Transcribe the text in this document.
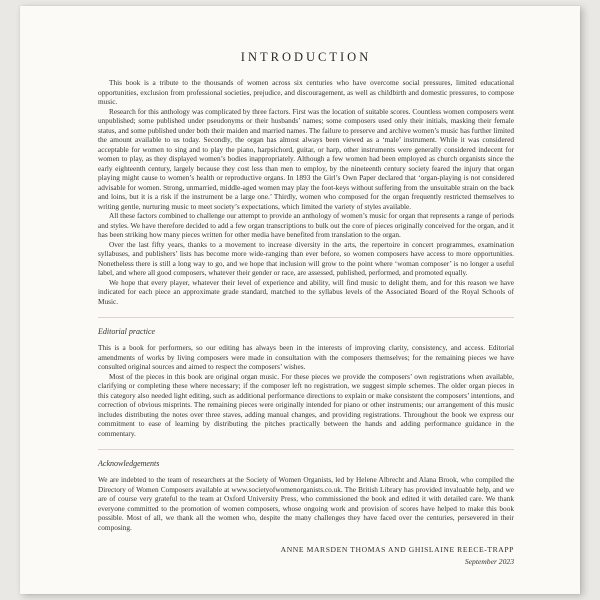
INTRODUCTION

This book is a tribute to the thousands of women across six centuries who have overcome social pressures, limited educational opportunities, exclusion from professional societies, prejudice, and discouragement, as well as childbirth and domestic pressures, to compose music.

Research for this anthology was complicated by three factors. First was the location of suitable scores. Countless women composers went unpublished; some published under pseudonyms or their husbands’ names; some composers used only their initials, masking their female status, and some published under both their maiden and married names. The failure to preserve and archive women’s music has further limited the amount available to us today. Secondly, the organ has almost always been viewed as a ‘male’ instrument. While it was considered acceptable for women to sing and to play the piano, harpsichord, guitar, or harp, other instruments were generally considered indecent for women to play, as they displayed women’s bodies inappropriately. Although a few women had been employed as church organists since the early eighteenth century, largely because they cost less than men to employ, by the nineteenth century society feared the injury that organ playing might cause to women’s health or reproductive organs. In 1893 the Girl’s Own Paper declared that ‘organ-playing is not considered advisable for women. Strong, unmarried, middle-aged women may play the foot-keys without suffering from the unsuitable strain on the back and loins, but it is a risk if the instrument be a large one.’ Thirdly, women who composed for the organ frequently restricted themselves to writing gentle, nurturing music to meet society’s expectations, which limited the variety of styles available.

All these factors combined to challenge our attempt to provide an anthology of women’s music for organ that represents a range of periods and styles. We have therefore decided to add a few organ transcriptions to bulk out the core of pieces originally conceived for the organ, and it has been striking how many pieces written for other media have benefited from translation to the organ.

Over the last fifty years, thanks to a movement to increase diversity in the arts, the repertoire in concert programmes, examination syllabuses, and publishers’ lists has become more wide-ranging than ever before, so women composers have access to more opportunities. Nonetheless there is still a long way to go, and we hope that inclusion will grow to the point where ‘woman composer’ is no longer a useful label, and where all good composers, whatever their gender or race, are assessed, published, performed, and promoted equally.

We hope that every player, whatever their level of experience and ability, will find music to delight them, and for this reason we have indicated for each piece an approximate grade standard, matched to the syllabus levels of the Associated Board of the Royal Schools of Music.

Editorial practice

This is a book for performers, so our editing has always been in the interests of improving clarity, consistency, and access. Editorial amendments of works by living composers were made in consultation with the composers themselves; for the remaining pieces we have consulted original sources and aimed to respect the composers’ wishes.

Most of the pieces in this book are original organ music. For these pieces we provide the composers’ own registrations when available, clarifying or completing these where necessary; if the composer left no registration, we suggest simple schemes. The older organ pieces in this category also needed light editing, such as additional performance directions to explain or make consistent the composers’ intentions, and correction of obvious misprints. The remaining pieces were originally intended for piano or other instruments; our arrangement of this music includes distributing the notes over three staves, adding manual changes, and providing registrations. Throughout the book we express our commitment to ease of learning by distributing the pitches practically between the hands and adding performance guidance in the commentary.

Acknowledgements

We are indebted to the team of researchers at the Society of Women Organists, led by Helene Albrecht and Alana Brook, who compiled the Directory of Women Composers available at www.societyofwomenorganists.co.uk. The British Library has provided invaluable help, and we are of course very grateful to the team at Oxford University Press, who commissioned the book and edited it with detailed care. We thank everyone committed to the promotion of women composers, whose ongoing work and provision of scores have helped to make this book possible. Most of all, we thank all the women who, despite the many challenges they have faced over the centuries, persevered in their composing.

ANNE MARSDEN THOMAS AND GHISLAINE REECE-TRAPP
September 2023
